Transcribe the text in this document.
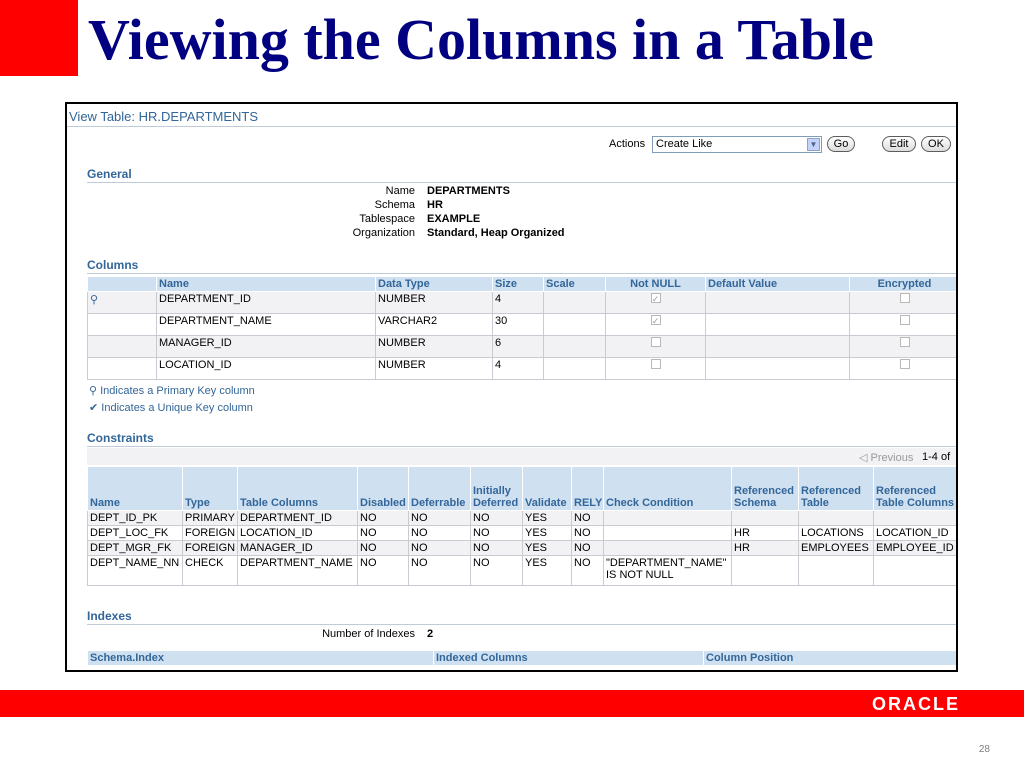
Viewing the Columns in a Table
View Table: HR.DEPARTMENTS
Actions Create Like	▼	Go	Edit	OK
General
Name DEPARTMENTS
Schema HR
Tablespace EXAMPLE
Organization Standard, Heap Organized
Columns
	Name	Data Type	Size	Scale	Not NULL	Default Value	Encrypted
⚲	DEPARTMENT_ID	NUMBER	4		✓		
	DEPARTMENT_NAME	VARCHAR2	30		✓		
	MANAGER_ID	NUMBER	6				
	LOCATION_ID	NUMBER	4				
⚲ Indicates a Primary Key column
✔ Indicates a Unique Key column
Constraints
◁ Previous 1-4 of
Name	Type	Table Columns	Disabled	Deferrable	Initially Deferred	Validate	RELY	Check Condition	Referenced Schema	Referenced Table	Referenced Table Columns
DEPT_ID_PK	PRIMARY	DEPARTMENT_ID	NO	NO	NO	YES	NO				
DEPT_LOC_FK	FOREIGN	LOCATION_ID	NO	NO	NO	YES	NO		HR	LOCATIONS	LOCATION_ID
DEPT_MGR_FK	FOREIGN	MANAGER_ID	NO	NO	NO	YES	NO		HR	EMPLOYEES	EMPLOYEE_ID
DEPT_NAME_NN	CHECK	DEPARTMENT_NAME	NO	NO	NO	YES	NO	"DEPARTMENT_NAME" IS NOT NULL			
Indexes
Number of Indexes 2
Schema.Index	Indexed Columns	Column Position
ORACLE
28
